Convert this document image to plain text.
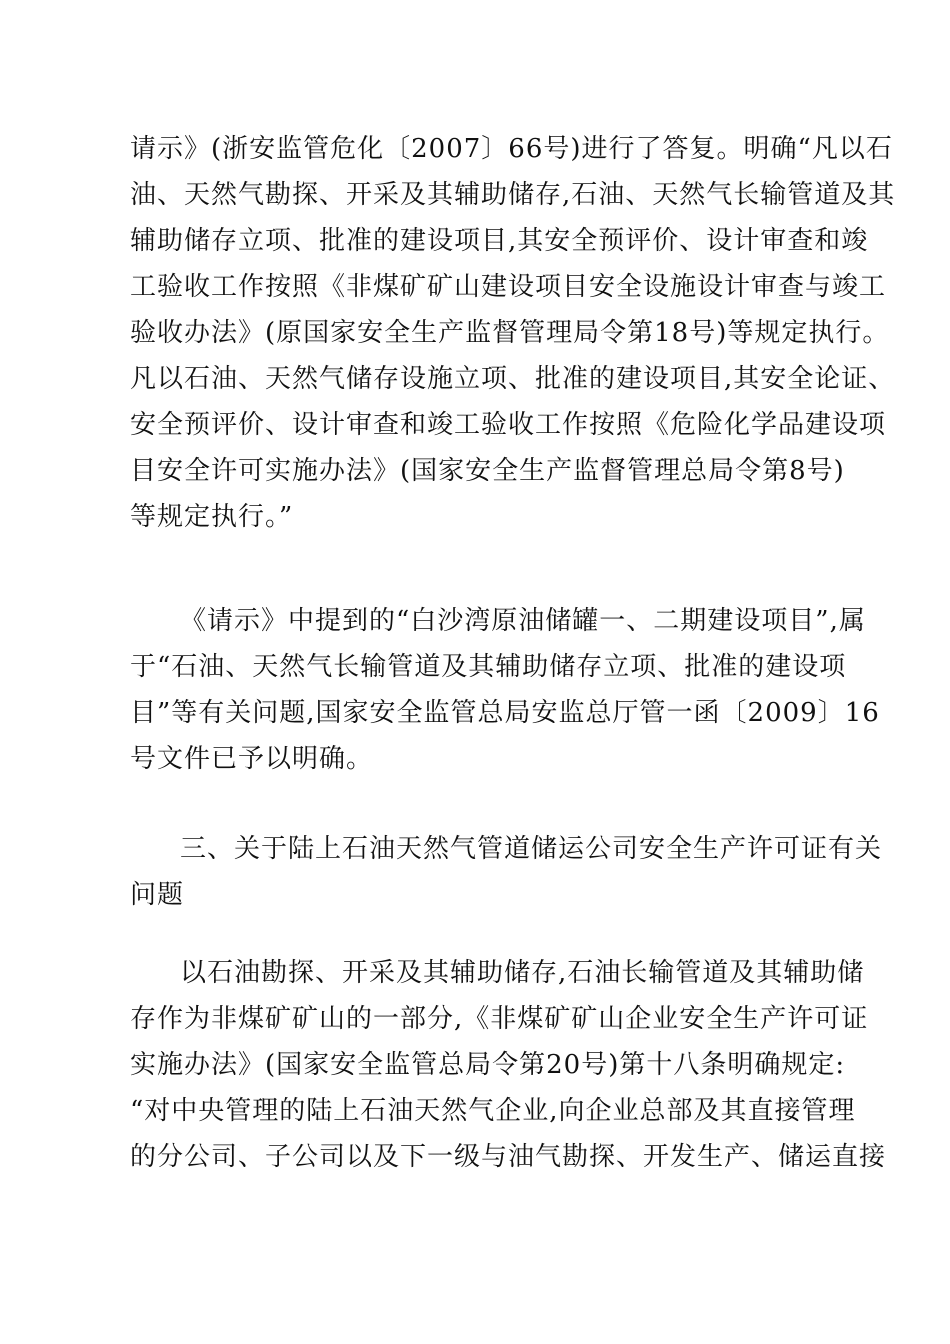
请示》(浙安监管危化〔2007〕66号)进行了答复。明确“凡以石
油、天然气勘探、开采及其辅助储存,石油、天然气长输管道及其
辅助储存立项、批准的建设项目,其安全预评价、设计审查和竣
工验收工作按照《非煤矿矿山建设项目安全设施设计审查与竣工
验收办法》(原国家安全生产监督管理局令第18号)等规定执行。
凡以石油、天然气储存设施立项、批准的建设项目,其安全论证、
安全预评价、设计审查和竣工验收工作按照《危险化学品建设项
目安全许可实施办法》(国家安全生产监督管理总局令第8号)
等规定执行。”
《请示》中提到的“白沙湾原油储罐一、二期建设项目”,属
于“石油、天然气长输管道及其辅助储存立项、批准的建设项
目”等有关问题,国家安全监管总局安监总厅管一函〔2009〕16
号文件已予以明确。
三、关于陆上石油天然气管道储运公司安全生产许可证有关
问题
以石油勘探、开采及其辅助储存,石油长输管道及其辅助储
存作为非煤矿矿山的一部分,《非煤矿矿山企业安全生产许可证
实施办法》(国家安全监管总局令第20号)第十八条明确规定:
“对中央管理的陆上石油天然气企业,向企业总部及其直接管理
的分公司、子公司以及下一级与油气勘探、开发生产、储运直接
